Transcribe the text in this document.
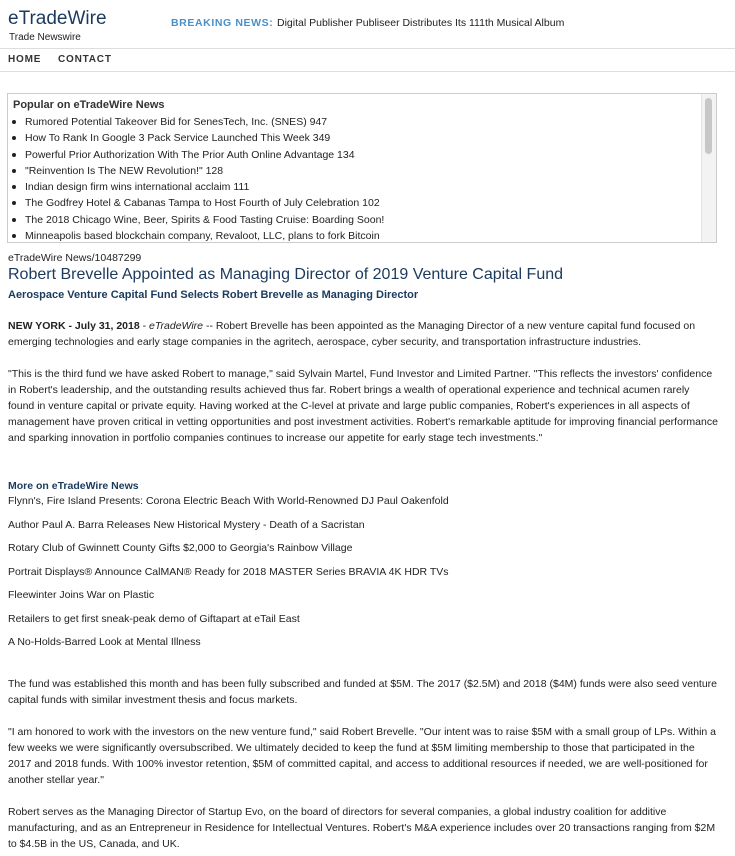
eTradeWire
Trade Newswire
BREAKING NEWS: Digital Publisher Publiseer Distributes Its 111th Musical Album
HOME CONTACT
Popular on eTradeWire News
Rumored Potential Takeover Bid for SenesTech, Inc. (SNES) 947
How To Rank In Google 3 Pack Service Launched This Week 349
Powerful Prior Authorization With The Prior Auth Online Advantage 134
"Reinvention Is The NEW Revolution!" 128
Indian design firm wins international acclaim 111
The Godfrey Hotel & Cabanas Tampa to Host Fourth of July Celebration 102
The 2018 Chicago Wine, Beer, Spirits & Food Tasting Cruise: Boarding Soon!
Minneapolis based blockchain company, Revaloot, LLC, plans to fork Bitcoin
eTradeWire News/10487299
Robert Brevelle Appointed as Managing Director of 2019 Venture Capital Fund
Aerospace Venture Capital Fund Selects Robert Brevelle as Managing Director
NEW YORK - July 31, 2018 - eTradeWire -- Robert Brevelle has been appointed as the Managing Director of a new venture capital fund focused on emerging technologies and early stage companies in the agritech, aerospace, cyber security, and transportation infrastructure industries.
"This is the third fund we have asked Robert to manage," said Sylvain Martel, Fund Investor and Limited Partner. "This reflects the investors' confidence in Robert's leadership, and the outstanding results achieved thus far. Robert brings a wealth of operational experience and technical acumen rarely found in venture capital or private equity. Having worked at the C-level at private and large public companies, Robert's experiences in all aspects of management have proven critical in vetting opportunities and post investment activities. Robert's remarkable aptitude for improving financial performance and sparking innovation in portfolio companies continues to increase our appetite for early stage tech investments."
More on eTradeWire News
Flynn's, Fire Island Presents: Corona Electric Beach With World-Renowned DJ Paul Oakenfold
Author Paul A. Barra Releases New Historical Mystery - Death of a Sacristan
Rotary Club of Gwinnett County Gifts $2,000 to Georgia's Rainbow Village
Portrait Displays® Announce CalMAN® Ready for 2018 MASTER Series BRAVIA 4K HDR TVs
Fleewinter Joins War on Plastic
Retailers to get first sneak-peak demo of Giftapart at eTail East
A No-Holds-Barred Look at Mental Illness
The fund was established this month and has been fully subscribed and funded at $5M. The 2017 ($2.5M) and 2018 ($4M) funds were also seed venture capital funds with similar investment thesis and focus markets.
"I am honored to work with the investors on the new venture fund," said Robert Brevelle. "Our intent was to raise $5M with a small group of LPs. Within a few weeks we were significantly oversubscribed. We ultimately decided to keep the fund at $5M limiting membership to those that participated in the 2017 and 2018 funds. With 100% investor retention, $5M of committed capital, and access to additional resources if needed, we are well-positioned for another stellar year."
Robert serves as the Managing Director of Startup Evo, on the board of directors for several companies, a global industry coalition for additive manufacturing, and as an Entrepreneur in Residence for Intellectual Ventures. Robert's M&A experience includes over 20 transactions ranging from $2M to $4.5B in the US, Canada, and UK.
